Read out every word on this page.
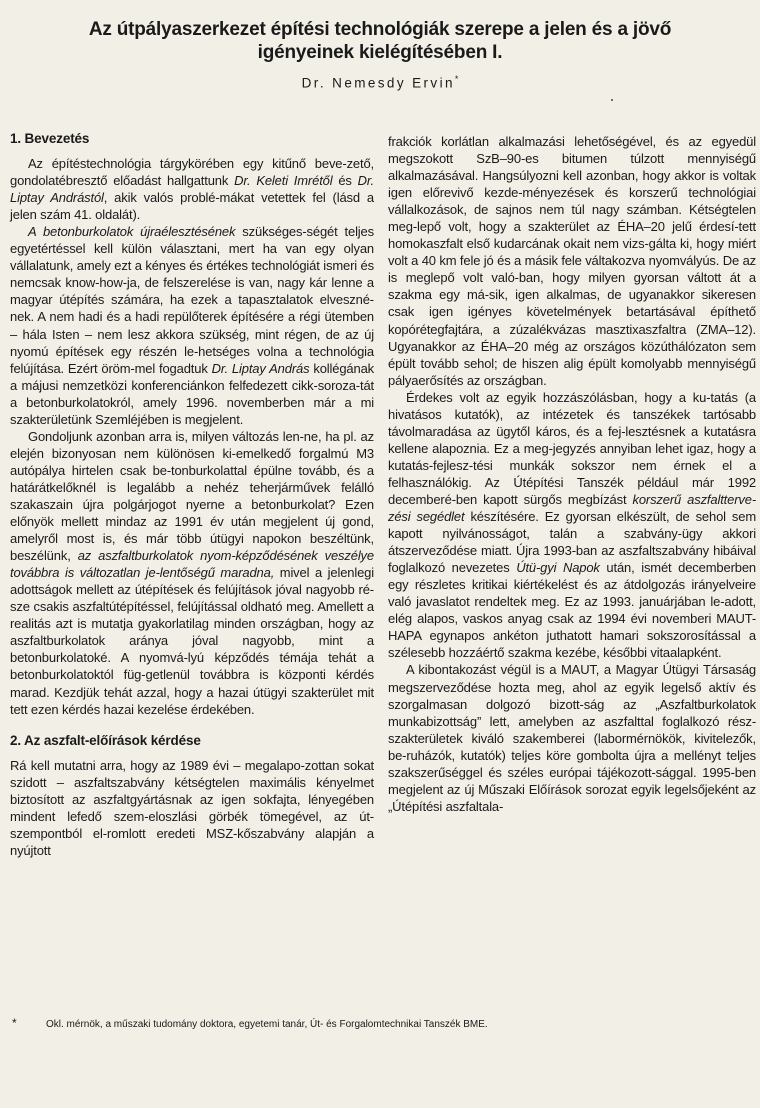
Az útpályaszerkezet építési technológiák szerepe a jelen és a jövő
igényeinek kielégítésében I.
Dr. Nemesdy Ervin*
1. Bevezetés

Az építéstechnológia tárgykörében egy kitűnő beve-zető, gondolatébresztő előadást hallgattunk Dr. Keleti Imrétől és Dr. Liptay Andrástól, akik valós problé-mákat vetettek fel (lásd a jelen szám 41. oldalát).

A betonburkolatok újraélesztésének szükséges-ségét teljes egyetértéssel kell külön választani, mert ha van egy olyan vállalatunk, amely ezt a kényes és értékes technológiát ismeri és nemcsak know-how-ja, de felszerelése is van, nagy kár lenne a magyar útépítés számára, ha ezek a tapasztalatok elveszné-nek. A nem hadi és a hadi repülőterek építésére a régi ütemben – hála Isten – nem lesz akkora szükség, mint régen, de az új nyomú építések egy részén le-hetséges volna a technológia felújítása. Ezért öröm-mel fogadtuk Dr. Liptay András kollégának a májusi nemzetközi konferenciánkon felfedezett cikk-soroza-tát a betonburkolatokról, amely 1996. novemberben már a mi szakterületünk Szemléjében is megjelent.

Gondoljunk azonban arra is, milyen változás len-ne, ha pl. az elején bizonyosan nem különösen ki-emelkedő forgalmú M3 autópálya hirtelen csak be-tonburkolattal épülne tovább, és a határátkelőknél is legalább a nehéz teherjárművek felálló szakaszain újra polgárjogot nyerne a betonburkolat? Ezen előnyök mellett mindaz az 1991 év után megjelent új gond, amelyről most is, és már több útügyi napokon beszéltünk, beszélünk, az aszfaltburkolatok nyom-képződésének veszélye továbbra is változatlan je-lentőségű maradna, mivel a jelenlegi adottságok mellett az útépítések és felújítások jóval nagyobb ré-sze csakis aszfaltútépítéssel, felújítással oldható meg. Amellett a realitás azt is mutatja gyakorlatilag minden országban, hogy az aszfaltburkolatok aránya jóval nagyobb, mint a betonburkolatoké. A nyomvá-lyú képződés témája tehát a betonburkolatoktól füg-getlenül továbbra is központi kérdés marad. Kezdjük tehát azzal, hogy a hazai útügyi szakterület mit tett ezen kérdés hazai kezelése érdekében.

2. Az aszfalt-előírások kérdése

Rá kell mutatni arra, hogy az 1989 évi – megalapo-zottan sokat szidott – aszfaltszabvány kétségtelen maximális kényelmet biztosított az aszfaltgyártásnak az igen sokfajta, lényegében mindent lefedő szem-eloszlási görbék tömegével, az út-szempontból el-romlott eredeti MSZ-kőszabvány alapján a nyújtott

frakciók korlátlan alkalmazási lehetőségével, és az egyedül megszokott SzB–90-es bitumen túlzott mennyiségű alkalmazásával. Hangsúlyozni kell azonban, hogy akkor is voltak igen előrevivő kezde-ményezések és korszerű technológiai vállalkozások, de sajnos nem túl nagy számban. Kétségtelen meg-lepő volt, hogy a szakterület az ÉHA–20 jelű érdesí-tett homokaszfalt első kudarcának okait nem vizs-gálta ki, hogy miért volt a 40 km fele jó és a másik fele váltakozva nyomvályús. De az is meglepő volt való-ban, hogy milyen gyorsan váltott át a szakma egy má-sik, igen alkalmas, de ugyanakkor sikeresen csak igen igényes követelmények betartásával építhető kopórétegfajtára, a zúzalékvázas masztixaszfaltra (ZMA–12). Ugyanakkor az ÉHA–20 még az országos közúthálózaton sem épült tovább sehol; de hiszen alig épült komolyabb mennyiségű pályaerősítés az országban.

Érdekes volt az egyik hozzászólásban, hogy a ku-tatás (a hivatásos kutatók), az intézetek és tanszékek tartósabb távolmaradása az ügytől káros, és a fej-lesztésnek a kutatásra kellene alapoznia. Ez a meg-jegyzés annyiban lehet igaz, hogy a kutatás-fejlesz-tési munkák sokszor nem érnek el a felhasználókig. Az Útépítési Tanszék például már 1992 decemberé-ben kapott sürgős megbízást korszerű aszfaltterve-zési segédlet készítésére. Ez gyorsan elkészült, de sehol sem kapott nyilvánosságot, talán a szabvány-ügy akkori átszerveződése miatt. Újra 1993-ban az aszfaltszabvány hibáival foglalkozó nevezetes Útü-gyi Napok után, ismét decemberben egy részletes kritikai kiértékelést és az átdolgozás irányelveire való javaslatot rendeltek meg. Ez az 1993. januárjában le-adott, elég alapos, vaskos anyag csak az 1994 évi novemberi MAUT-HAPA egynapos ankéton juthatott hamari sokszorosítással a szélesebb hozzáértő szakma kezébe, későbbi vitaalapként.

A kibontakozást végül is a MAUT, a Magyar Útügyi Társaság megszerveződése hozta meg, ahol az egyik legelső aktív és szorgalmasan dolgozó bizott-ság az „Aszfaltburkolatok munkabizottság” lett, amelyben az aszfalttal foglalkozó rész-szakterületek kiváló szakemberei (labormérnökök, kivitelezők, be-ruházók, kutatók) teljes köre gombolta újra a mellényt teljes szakszerűséggel és széles európai tájékozott-sággal. 1995-ben megjelent az új Műszaki Előírások sorozat egyik legelsőjeként az „Útépítési aszfaltala-

*	Okl. mérnök, a műszaki tudomány doktora, egyetemi tanár, Út- és Forgalomtechnikai Tanszék BME.
